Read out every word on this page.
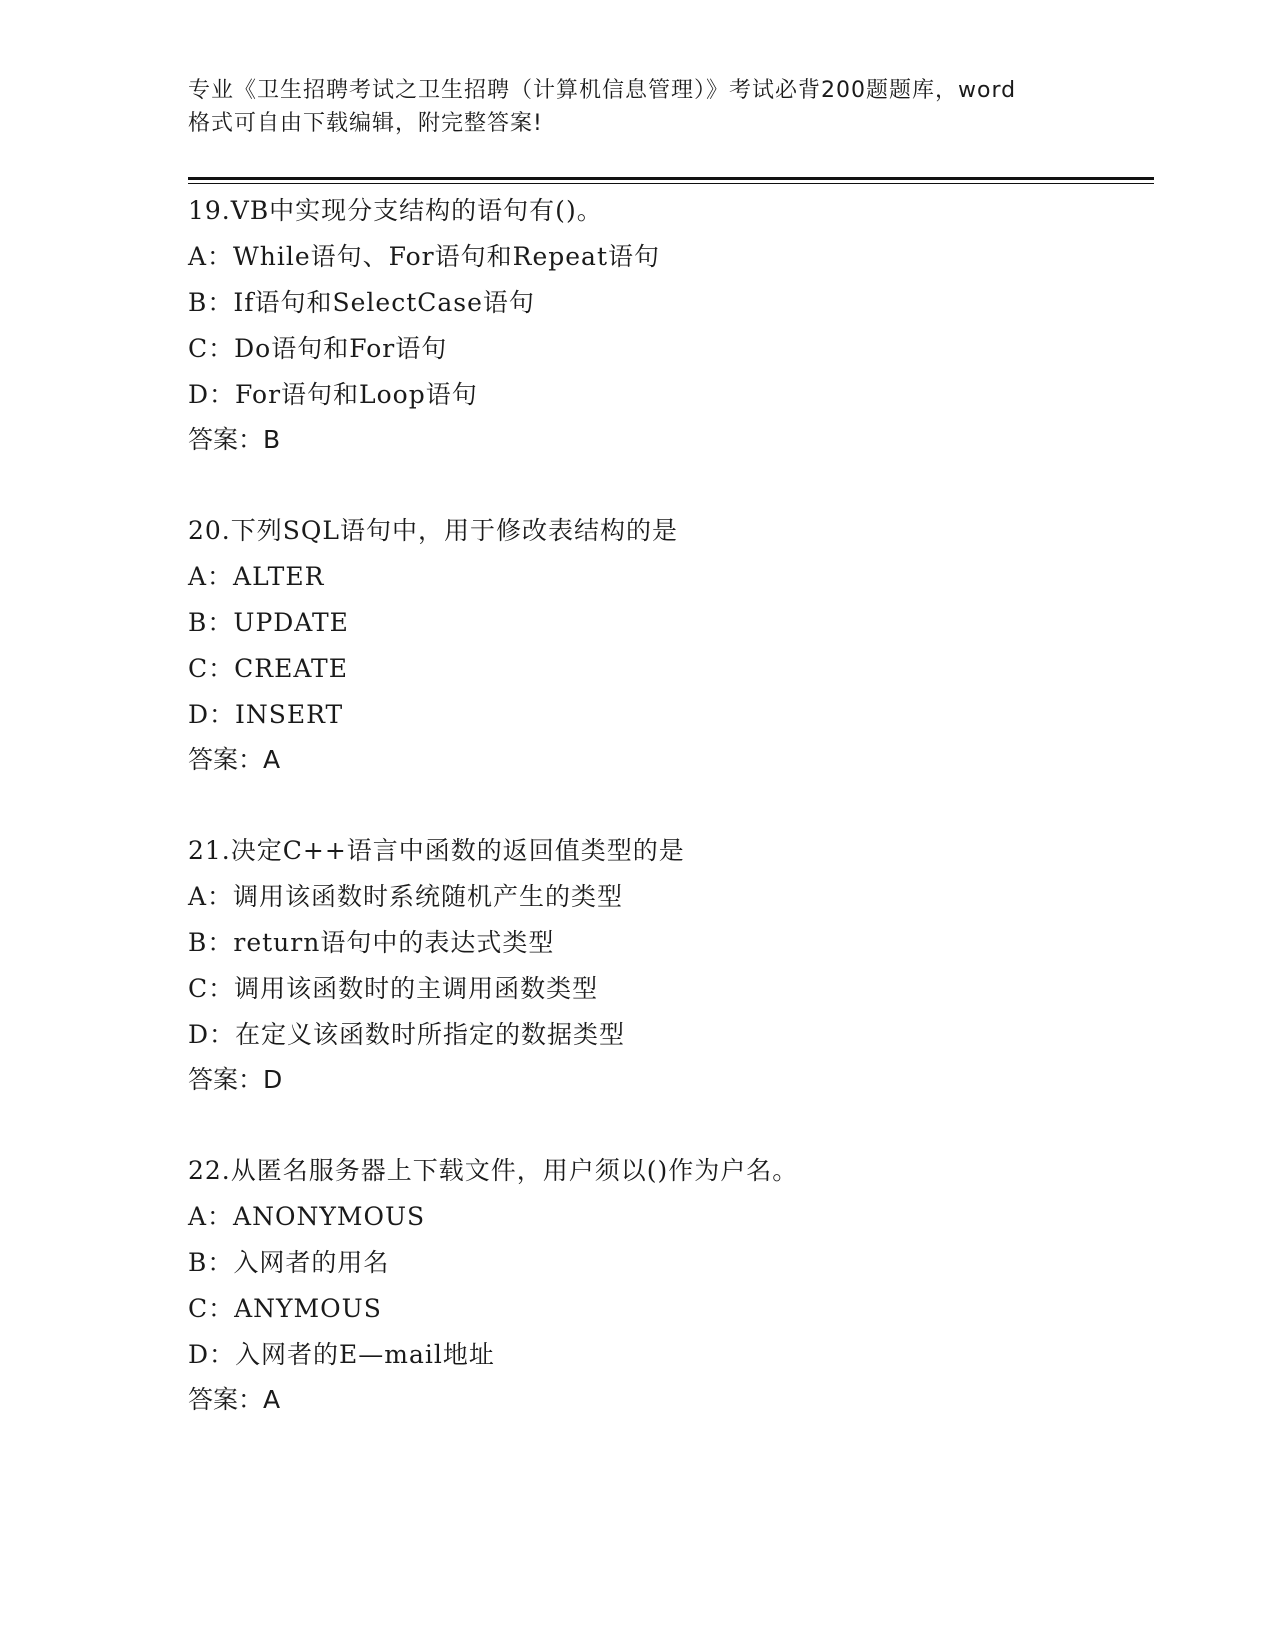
专业《卫生招聘考试之卫生招聘（计算机信息管理）》考试必背200题题库，word
格式可自由下载编辑，附完整答案!
19.VB中实现分支结构的语句有()。
A：While语句、For语句和Repeat语句
B：If语句和SelectCase语句
C：Do语句和For语句
D：For语句和Loop语句
答案：B
20.下列SQL语句中，用于修改表结构的是
A：ALTER
B：UPDATE
C：CREATE
D：INSERT
答案：A
21.决定C++语言中函数的返回值类型的是
A：调用该函数时系统随机产生的类型
B：return语句中的表达式类型
C：调用该函数时的主调用函数类型
D：在定义该函数时所指定的数据类型
答案：D
22.从匿名服务器上下载文件，用户须以()作为户名。
A：ANONYMOUS
B：入网者的用名
C：ANYMOUS
D：入网者的E—mail地址
答案：A
